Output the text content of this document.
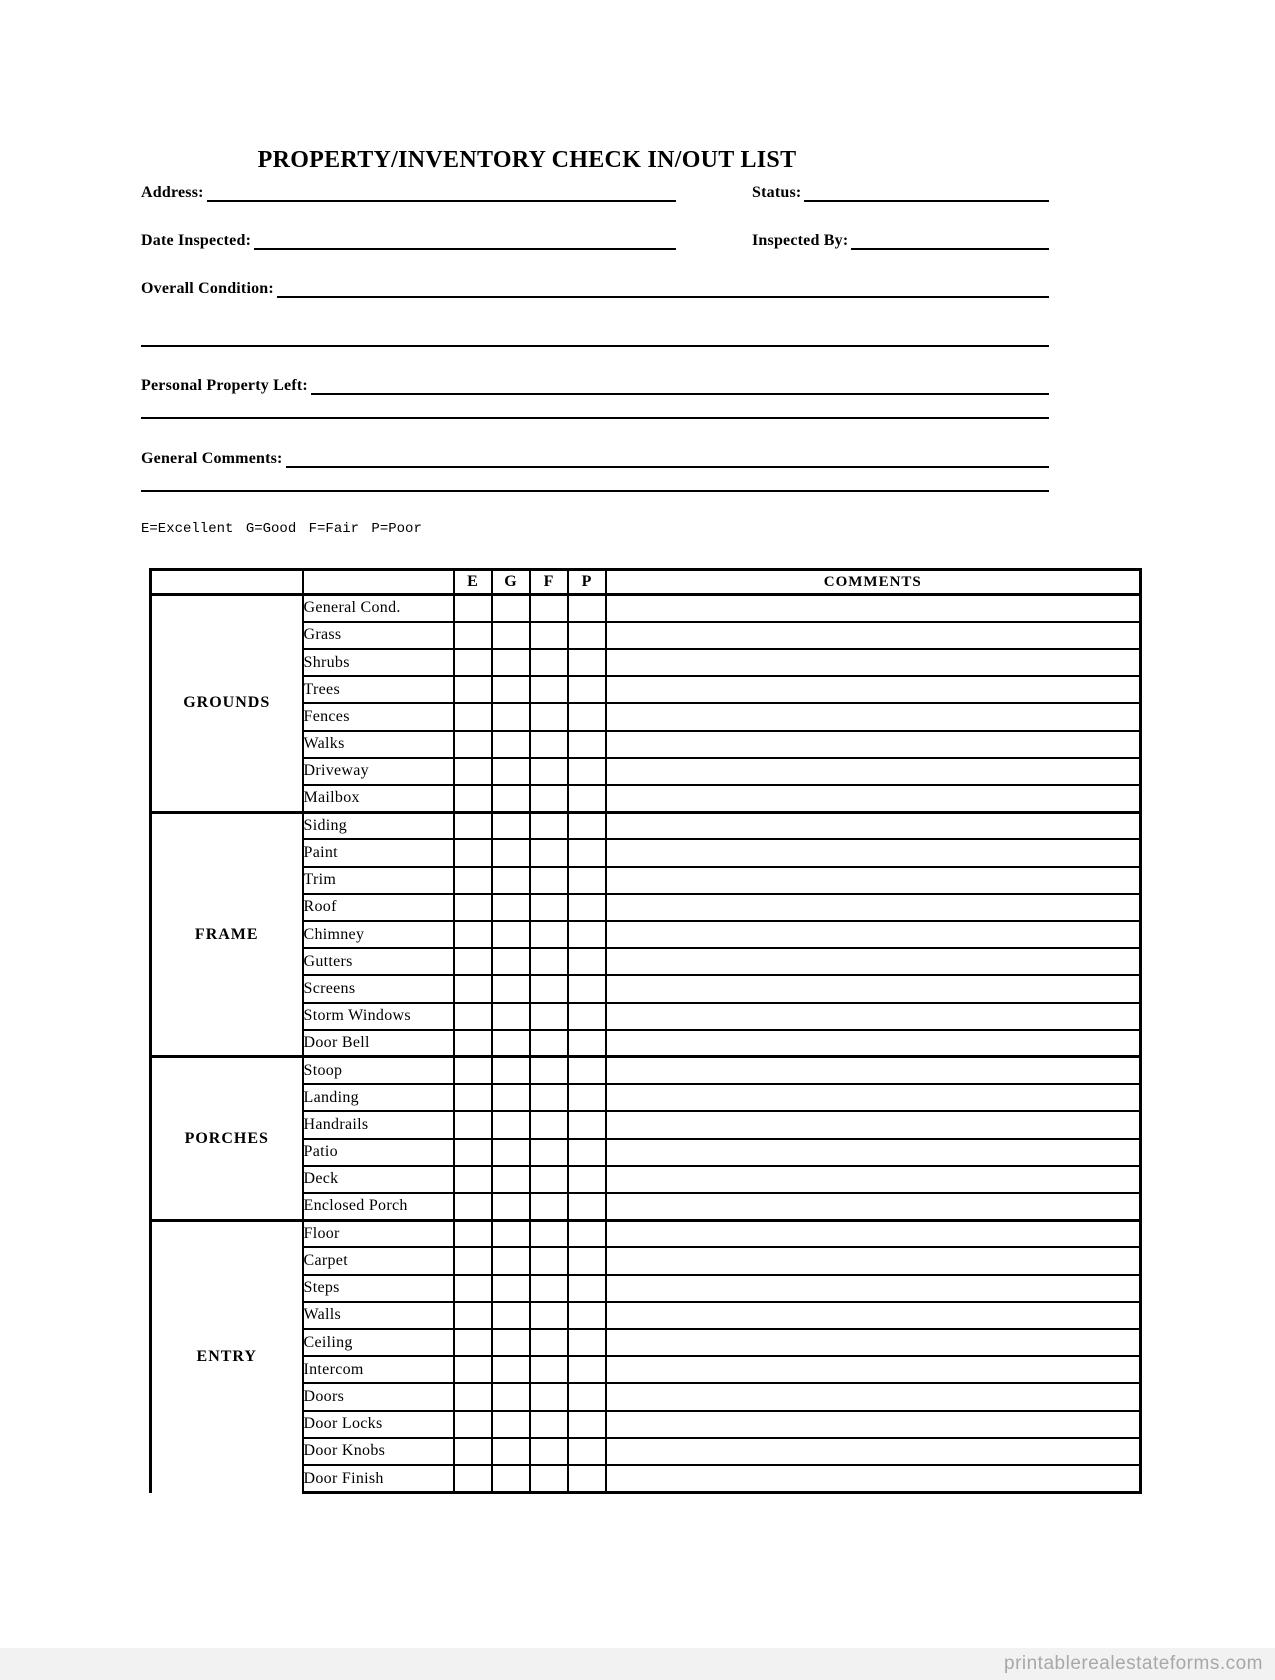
PROPERTY/INVENTORY CHECK IN/OUT LIST
Address:	Status:
Date Inspected:	Inspected By:
Overall Condition:
Personal Property Left:
General Comments:
E=Excellent G=Good F=Fair P=Poor
		E	G	F	P	COMMENTS
GROUNDS	General Cond.					
	Grass					
	Shrubs					
	Trees					
	Fences					
	Walks					
	Driveway					
	Mailbox					
FRAME	Siding					
	Paint					
	Trim					
	Roof					
	Chimney					
	Gutters					
	Screens					
	Storm Windows					
	Door Bell					
PORCHES	Stoop					
	Landing					
	Handrails					
	Patio					
	Deck					
	Enclosed Porch					
ENTRY	Floor					
	Carpet					
	Steps					
	Walls					
	Ceiling					
	Intercom					
	Doors					
	Door Locks					
	Door Knobs					
	Door Finish					
printablerealestateforms.com
